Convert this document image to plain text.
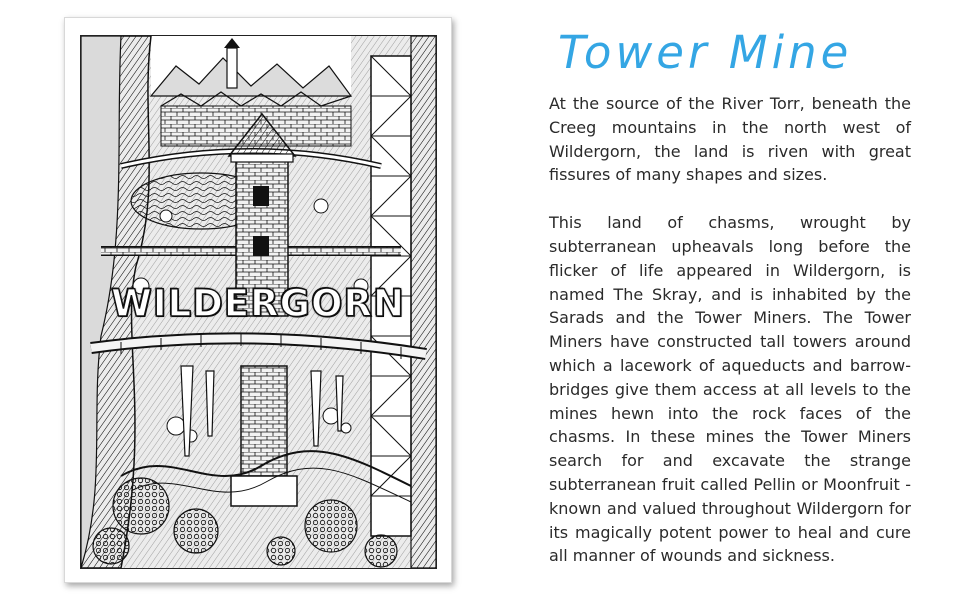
WILDERGORN
Tower Mine

At the source of the River Torr, beneath the Creeg mountains in the north west of Wildergorn, the land is riven with great fissures of many shapes and sizes.

This land of chasms, wrought by subterranean upheavals long before the flicker of life appeared in Wildergorn, is named The Skray, and is inhabited by the Sarads and the Tower Miners. The Tower Miners have constructed tall towers around which a lacework of aqueducts and barrow-bridges give them access at all levels to the mines hewn into the rock faces of the chasms. In these mines the Tower Miners search for and excavate the strange subterranean fruit called Pellin or Moonfruit - known and valued throughout Wildergorn for its magically potent power to heal and cure all manner of wounds and sickness.
